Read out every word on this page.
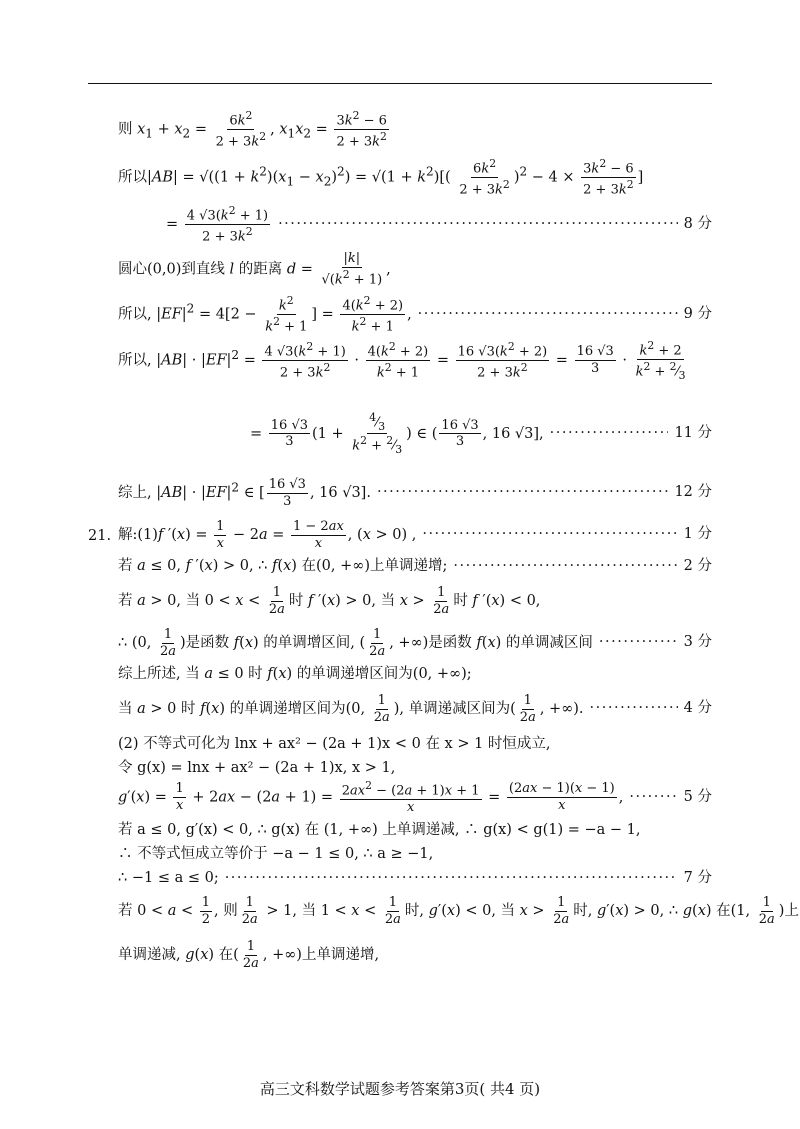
则 $x_1 + x_2 = \frac{6k^2}{2 + 3k^2}$ , $x_1x_2 = \frac{3k^2 - 6}{2 + 3k^2}$
所以$|AB| = √((1 + k^2)(x_1 - x_2)^2) = √(1 + k^2)[( \frac{6k^2}{2 + 3k^2} )^2 - 4 \times \frac{3k^2 - 6}{2 + 3k^2}$ ]
= $\frac{4 √3(k^2 + 1)}{2 + 3k^2}$ ·····	8 分
圆心(0,0)到直线 l 的距离 $d = \frac{|k|}{√(k^2 + 1)}$ ,
所以, $|EF|^2 = 4[2 - \frac{k^2}{k^2 + 1}$ ] = $\frac{4(k^2 + 2)}{k^2 + 1}$ , ·····	9 分
所以, $|AB| \cdot |EF|^2 = \frac{4 √3(k^2 + 1)}{2 + 3k^2} \cdot \frac{4(k^2 + 2)}{k^2 + 1} = \frac{16 √3(k^2 + 2)}{2 + 3k^2} = \frac{16 √3}{3} \cdot \frac{k^2 + 2}{k^2 + ^2⁄_3}$
= $\frac{16 √3}{3} (1 + \frac{^4⁄_3}{k^2 + ^2⁄_3}$ ) ∈ ( $\frac{16 √3}{3}$ , 16 √3], ·····	11 分
综上, $|AB| \cdot |EF|^2$ ∈ [ $\frac{16 √3}{3}$ , 16 √3]. ·····	12 分
21. 解:(1)f $'(x) = \frac{1}{x} - 2a = \frac{1 - 2ax}{x}$ , (x > 0) , ·····	1 分
若 a ≤ 0, f ′(x) > 0, ∴ f(x) 在(0, +∞)上单调递增; ·····	2 分
若 a > 0, 当 $0 < x < \frac{1}{2a}$ 时 f ′(x) > 0, 当 $x > \frac{1}{2a}$ 时 f ′(x) < 0,
∴ (0, $\frac{1}{2a}$ )是函数 f(x) 的单调增区间, ( $\frac{1}{2a}$ , +∞)是函数 f(x) 的单调减区间 ·····	3 分
综上所述, 当 a ≤ 0 时 f(x) 的单调递增区间为(0, +∞);
当 a > 0 时 f(x) 的单调递增区间为(0, $\frac{1}{2a}$ ), 单调递减区间为( $\frac{1}{2a}$ , +∞). ·····	4 分
(2) 不等式可化为 lnx + ax² − (2a + 1)x < 0 在 x > 1 时恒成立,
令 g(x) = lnx + ax² − (2a + 1)x, x > 1,
$g'(x) = \frac{1}{x} + 2ax - (2a + 1) = \frac{2ax^2 - (2a + 1)x + 1}{x} = \frac{(2ax - 1)(x - 1)}{x}$ , ·····	5 分
若 a ≤ 0, g′(x) < 0, ∴ g(x) 在 (1, +∞) 上单调递减, ∴ g(x) < g(1) = −a − 1,
∴ 不等式恒成立等价于 −a − 1 ≤ 0, ∴ a ≥ −1,
∴ −1 ≤ a ≤ 0; ·····	7 分
若 $0 < a < \frac{1}{2}$ , 则 $\frac{1}{2a} > 1$, 当 $1 < x < \frac{1}{2a}$ 时, g′(x) < 0, 当 $x > \frac{1}{2a}$ 时, g′(x) > 0, ∴ g(x) 在(1, $\frac{1}{2a}$ )上
单调递减, g(x) 在( $\frac{1}{2a}$ , +∞)上单调递增,
高三文科数学试题参考答案第3页( 共4 页)
